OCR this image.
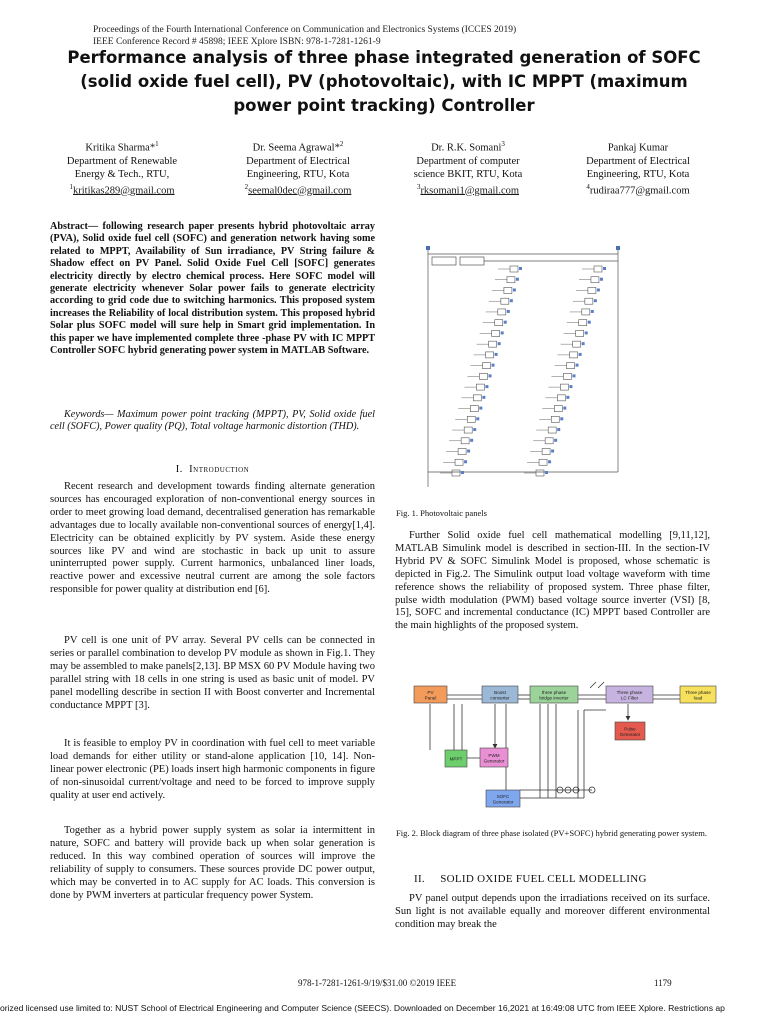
Proceedings of the Fourth International Conference on Communication and Electronics Systems (ICCES 2019)
IEEE Conference Record # 45898; IEEE Xplore ISBN: 978-1-7281-1261-9
Performance analysis of three phase integrated generation of SOFC
(solid oxide fuel cell), PV (photovoltaic), with IC MPPT (maximum
power point tracking) Controller
Kritika Sharma*$^1$
Department of Renewable
Energy & Tech., RTU,
$^1$kritikas289@gmail.com
Dr. Seema Agrawal*$^2$
Department of Electrical
Engineering, RTU, Kota
$^2$seemal0dec@gmail.com
Dr. R.K. Somani$^3$
Department of computer
science BKIT, RTU, Kota
$^3$rksomani1@gmail.com
Pankaj Kumar
Department of Electrical
Engineering, RTU, Kota
$^4$rudiraa777@gmail.com
Abstract— following research paper presents hybrid photovoltaic array (PVA), Solid oxide fuel cell (SOFC) and generation network having some related to MPPT, Availability of Sun irradiance, PV String failure & Shadow effect on PV Panel. Solid Oxide Fuel Cell [SOFC] generates electricity directly by electro chemical process. Here SOFC model will generate electricity whenever Solar power fails to generate electricity according to grid code due to switching harmonics. This proposed system increases the Reliability of local distribution system. This proposed hybrid Solar plus SOFC model will sure help in Smart grid implementation. In this paper we have implemented complete three -phase PV with IC MPPT Controller SOFC hybrid generating power system in MATLAB Software.
Keywords— Maximum power point tracking (MPPT), PV, Solid oxide fuel cell (SOFC), Power quality (PQ), Total voltage harmonic distortion (THD).
I. Introduction

Recent research and development towards finding alternate generation sources has encouraged exploration of non-conventional energy sources in order to meet growing load demand, decentralised generation has remarkable advantages due to locally available non-conventional sources of energy[1,4]. Electricity can be obtained explicitly by PV system. Aside these energy sources like PV and wind are stochastic in back up unit to assure uninterrupted power supply. Current harmonics, unbalanced liner loads, reactive power and excessive neutral current are among the sole factors responsible for power quality at distribution end [6].

PV cell is one unit of PV array. Several PV cells can be connected in series or parallel combination to develop PV module as shown in Fig.1. They may be assembled to make panels[2,13]. BP MSX 60 PV Module having two parallel string with 18 cells in one string is used as basic unit of model. PV panel modelling describe in section II with Boost converter and Incremental conductance MPPT [3].

It is feasible to employ PV in coordination with fuel cell to meet variable load demands for either utility or stand-alone application [10, 14]. Non-linear power electronic (PE) loads insert high harmonic components in figure of non-sinusoidal current/voltage and need to be forced to improve supply quality at user end actively.

Together as a hybrid power supply system as solar ia intermittent in nature, SOFC and battery will provide back up when solar generation is reduced. In this way combined operation of sources will improve the reliability of supply to consumers. These sources provide DC power output, which may be converted in to AC supply for AC loads. This conversion is done by PWM inverters at particular frequency power System.

Fig. 1. Photovoltaic panels

Further Solid oxide fuel cell mathematical modelling [9,11,12], MATLAB Simulink model is described in section-III. In the section-IV Hybrid PV & SOFC Simulink Model is proposed, whose schematic is depicted in Fig.2. The Simulink output load voltage waveform with time reference shows the reliability of proposed system. Three phase filter, pulse width modulation (PWM) based voltage source inverter (VSI) [8, 15], SOFC and incremental conductance (IC) MPPT based Controller are the main highlights of the proposed system.

PV
Panel
Boost
converter
three phase
bridge inverter
Three phase
LC Filter
Three phase
load
MPPT
PWM
Generator
Pulse
Generator
SOFC
Generator
Fig. 2. Block diagram of three phase isolated (PV+SOFC) hybrid generating power system.
II. SOLID OXIDE FUEL CELL MODELLING

PV panel output depends upon the irradiations received on its surface. Sun light is not available equally and moreover different environmental condition may break the

978-1-7281-1261-9/19/$31.00 ©2019 IEEE	1179
orized licensed use limited to: NUST School of Electrical Engineering and Computer Science (SEECS). Downloaded on December 16,2021 at 16:49:08 UTC from IEEE Xplore. Restrictions ap
